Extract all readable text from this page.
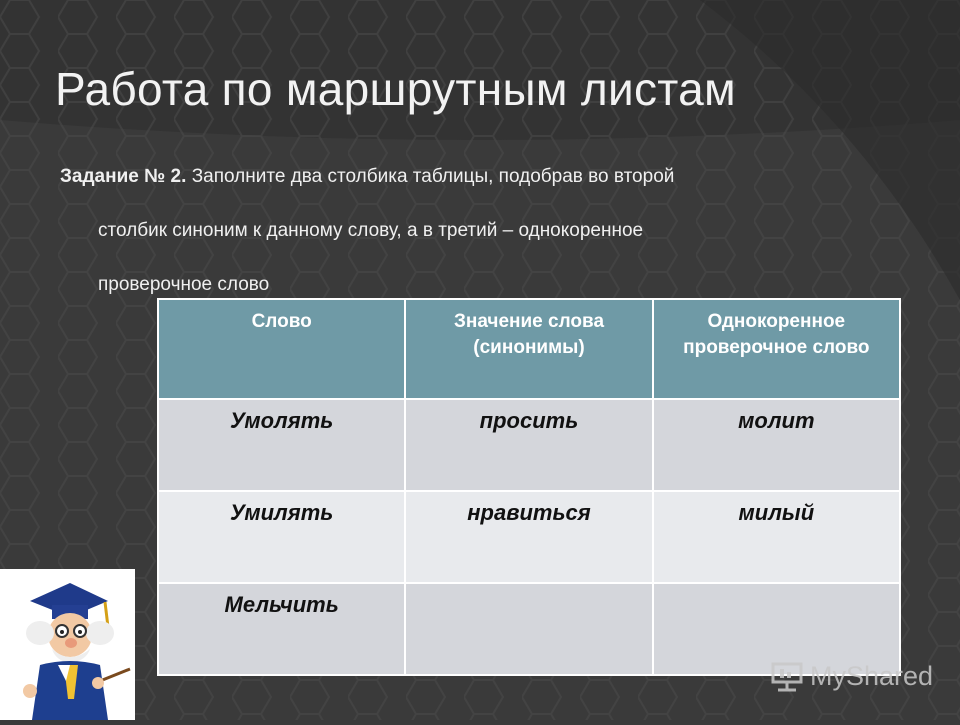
Работа по маршрутным листам
Задание № 2. Заполните два столбика таблицы, подобрав во второй
столбик синоним к данному слову, а в третий – однокоренное
проверочное слово
Слово	Значение слова (синонимы)	Однокоренное проверочное слово
Умолять	просить	молит
Умилять	нравиться	милый
Мельчить		
MyShared
